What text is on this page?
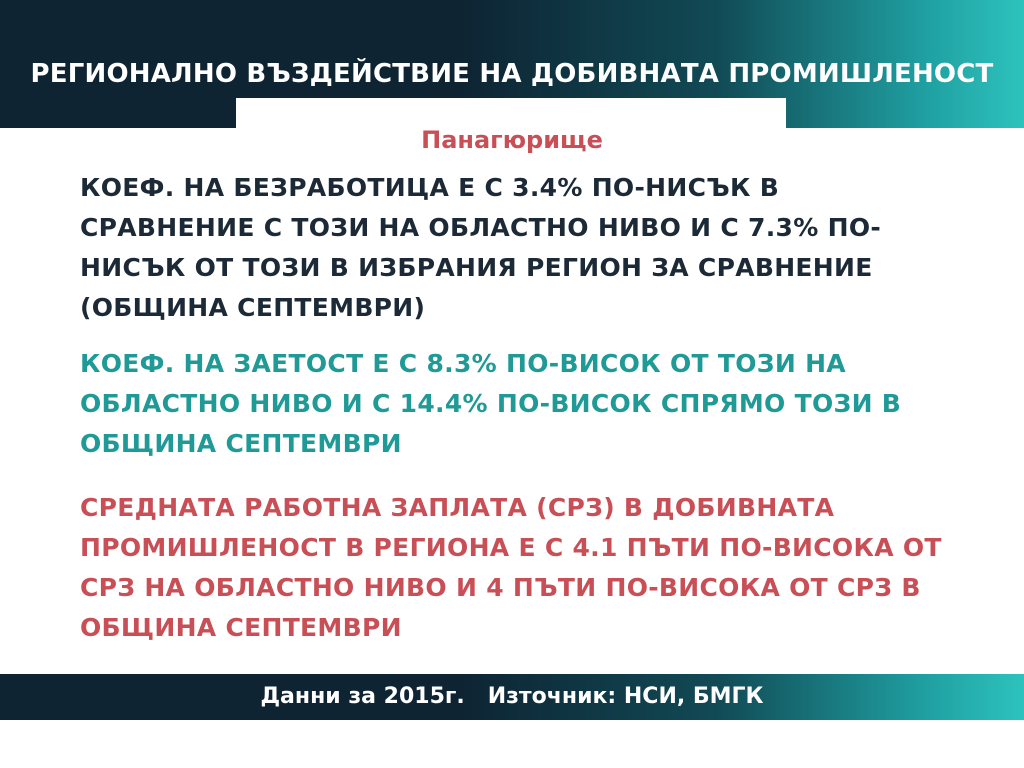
РЕГИОНАЛНО ВЪЗДЕЙСТВИЕ НА ДОБИВНАТА ПРОМИШЛЕНОСТ
Панагюрище

КОЕФ. НА БЕЗРАБОТИЦА Е С 3.4% ПО-НИСЪК В СРАВНЕНИЕ С ТОЗИ НА ОБЛАСТНО НИВО И С 7.3% ПО-НИСЪК ОТ ТОЗИ В ИЗБРАНИЯ РЕГИОН ЗА СРАВНЕНИЕ (ОБЩИНА СЕПТЕМВРИ)

КОЕФ. НА ЗАЕТОСТ Е С 8.3% ПО-ВИСОК ОТ ТОЗИ НА ОБЛАСТНО НИВО И С 14.4% ПО-ВИСОК СПРЯМО ТОЗИ В ОБЩИНА СЕПТЕМВРИ

СРЕДНАТА РАБОТНА ЗАПЛАТА (СРЗ) В ДОБИВНАТА ПРОМИШЛЕНОСТ В РЕГИОНА Е С 4.1 ПЪТИ ПО-ВИСОКА ОТ СРЗ НА ОБЛАСТНО НИВО И 4 ПЪТИ ПО-ВИСОКА ОТ СРЗ В ОБЩИНА СЕПТЕМВРИ

Данни за 2015г.   Източник: НСИ, БМГК
